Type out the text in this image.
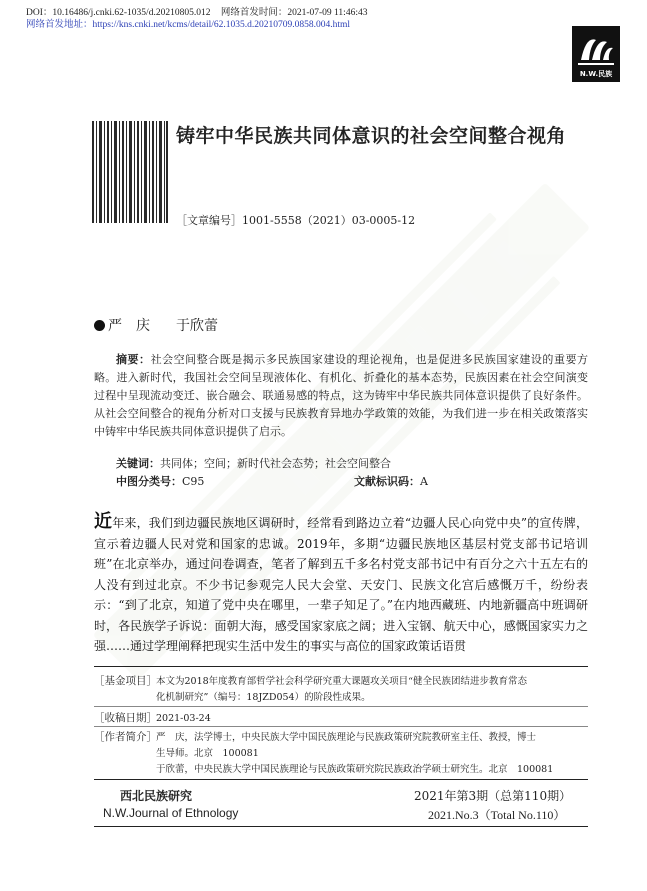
DOI：10.16486/j.cnki.62-1035/d.20210805.012 网络首发时间：2021-07-09 11:46:43
网络首发地址：https://kns.cnki.net/kcms/detail/62.1035.d.20210709.0858.004.html
N.W.民族
铸牢中华民族共同体意识的社会空间整合视角
［文章编号］1001-5558（2021）03-0005-12
严　庆 于欣蕾
摘要：社会空间整合既是揭示多民族国家建设的理论视角，也是促进多民族国家建设的重要方略。进入新时代，我国社会空间呈现液体化、有机化、折叠化的基本态势，民族因素在社会空间演变过程中呈现流动变迁、嵌合融会、联通易感的特点，这为铸牢中华民族共同体意识提供了良好条件。从社会空间整合的视角分析对口支援与民族教育异地办学政策的效能，为我们进一步在相关政策落实中铸牢中华民族共同体意识提供了启示。
关键词：共同体；空间；新时代社会态势；社会空间整合
中图分类号：C95	文献标识码：A
近年来，我们到边疆民族地区调研时，经常看到路边立着“边疆人民心向党中央”的宣传牌，宣示着边疆人民对党和国家的忠诚。2019年，多期“边疆民族地区基层村党支部书记培训班”在北京举办，通过问卷调查，笔者了解到五千多名村党支部书记中有百分之六十五左右的人没有到过北京。不少书记参观完人民大会堂、天安门、民族文化宫后感慨万千，纷纷表示：“到了北京，知道了党中央在哪里，一辈子知足了。”在内地西藏班、内地新疆高中班调研时，各民族学子诉说：面朝大海，感受国家家底之阔；进入宝钢、航天中心，感慨国家实力之强……通过学理阐释把现实生活中发生的事实与高位的国家政策话语贯
［基金项目］本文为2018年度教育部哲学社会科学研究重大课题攻关项目“健全民族团结进步教育常态
化机制研究”（编号：18JZD054）的阶段性成果。
［收稿日期］2021-03-24
［作者简介］严　庆，法学博士，中央民族大学中国民族理论与民族政策研究院教研室主任、教授，博士
生导师。北京　100081
于欣蕾，中央民族大学中国民族理论与民族政策研究院民族政治学硕士研究生。北京　100081
西北民族研究
N.W.Journal of Ethnology
2021年第3期（总第110期）
2021.No.3（Total No.110）
